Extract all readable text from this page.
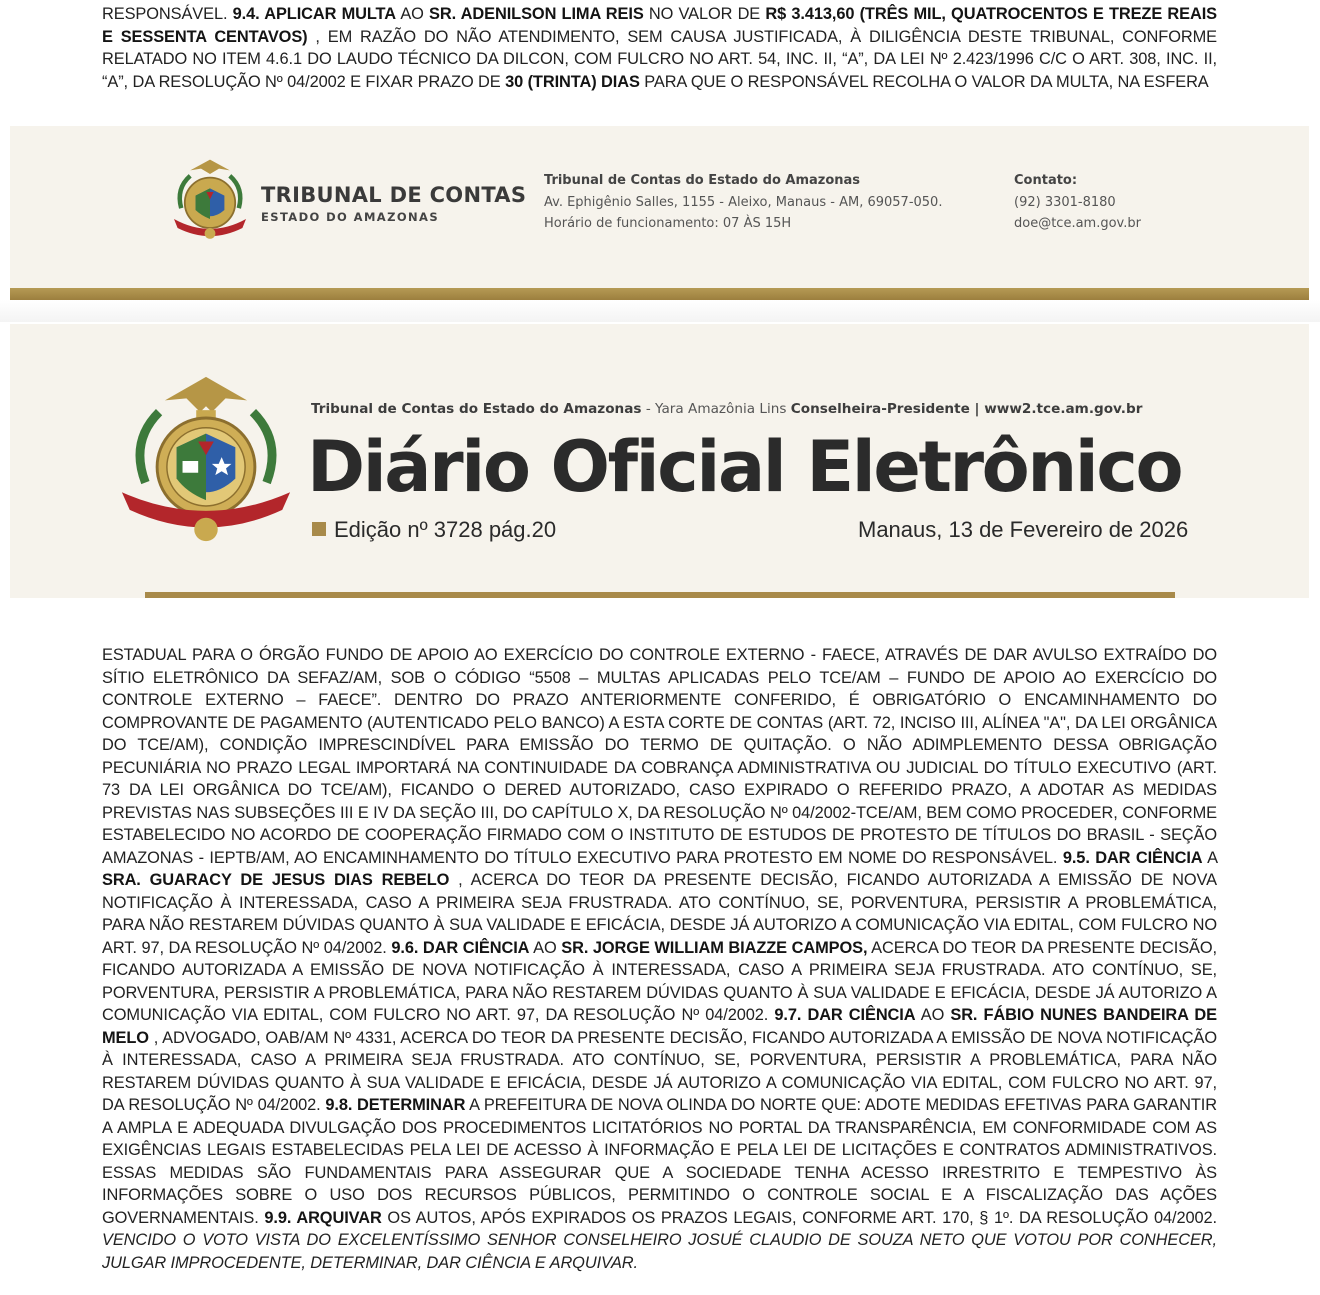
RESPONSÁVEL. 9.4. APLICAR MULTA AO SR. ADENILSON LIMA REIS NO VALOR DE R$ 3.413,60 (TRÊS MIL, QUATROCENTOS E TREZE REAIS E SESSENTA CENTAVOS) , EM RAZÃO DO NÃO ATENDIMENTO, SEM CAUSA JUSTIFICADA, À DILIGÊNCIA DESTE TRIBUNAL, CONFORME RELATADO NO ITEM 4.6.1 DO LAUDO TÉCNICO DA DILCON, COM FULCRO NO ART. 54, INC. II, “A”, DA LEI Nº 2.423/1996 C/C O ART. 308, INC. II, “A”, DA RESOLUÇÃO Nº 04/2002 E FIXAR PRAZO DE 30 (TRINTA) DIAS PARA QUE O RESPONSÁVEL RECOLHA O VALOR DA MULTA, NA ESFERA
TRIBUNAL DE CONTAS
ESTADO DO AMAZONAS
Tribunal de Contas do Estado do Amazonas
Av. Ephigênio Salles, 1155 - Aleixo, Manaus - AM, 69057-050.
Horário de funcionamento: 07 ÀS 15H
Contato:
(92) 3301-8180
doe@tce.am.gov.br
Tribunal de Contas do Estado do Amazonas - Yara Amazônia Lins Conselheira-Presidente | www2.tce.am.gov.br
Diário Oficial Eletrônico
Edição nº 3728 pág.20	Manaus, 13 de Fevereiro de 2026
ESTADUAL PARA O ÓRGÃO FUNDO DE APOIO AO EXERCÍCIO DO CONTROLE EXTERNO - FAECE, ATRAVÉS DE DAR AVULSO EXTRAÍDO DO SÍTIO ELETRÔNICO DA SEFAZ/AM, SOB O CÓDIGO “5508 – MULTAS APLICADAS PELO TCE/AM – FUNDO DE APOIO AO EXERCÍCIO DO CONTROLE EXTERNO – FAECE”. DENTRO DO PRAZO ANTERIORMENTE CONFERIDO, É OBRIGATÓRIO O ENCAMINHAMENTO DO COMPROVANTE DE PAGAMENTO (AUTENTICADO PELO BANCO) A ESTA CORTE DE CONTAS (ART. 72, INCISO III, ALÍNEA "A", DA LEI ORGÂNICA DO TCE/AM), CONDIÇÃO IMPRESCINDÍVEL PARA EMISSÃO DO TERMO DE QUITAÇÃO. O NÃO ADIMPLEMENTO DESSA OBRIGAÇÃO PECUNIÁRIA NO PRAZO LEGAL IMPORTARÁ NA CONTINUIDADE DA COBRANÇA ADMINISTRATIVA OU JUDICIAL DO TÍTULO EXECUTIVO (ART. 73 DA LEI ORGÂNICA DO TCE/AM), FICANDO O DERED AUTORIZADO, CASO EXPIRADO O REFERIDO PRAZO, A ADOTAR AS MEDIDAS PREVISTAS NAS SUBSEÇÕES III E IV DA SEÇÃO III, DO CAPÍTULO X, DA RESOLUÇÃO Nº 04/2002-TCE/AM, BEM COMO PROCEDER, CONFORME ESTABELECIDO NO ACORDO DE COOPERAÇÃO FIRMADO COM O INSTITUTO DE ESTUDOS DE PROTESTO DE TÍTULOS DO BRASIL - SEÇÃO AMAZONAS - IEPTB/AM, AO ENCAMINHAMENTO DO TÍTULO EXECUTIVO PARA PROTESTO EM NOME DO RESPONSÁVEL. 9.5. DAR CIÊNCIA A SRA. GUARACY DE JESUS DIAS REBELO , ACERCA DO TEOR DA PRESENTE DECISÃO, FICANDO AUTORIZADA A EMISSÃO DE NOVA NOTIFICAÇÃO À INTERESSADA, CASO A PRIMEIRA SEJA FRUSTRADA. ATO CONTÍNUO, SE, PORVENTURA, PERSISTIR A PROBLEMÁTICA, PARA NÃO RESTAREM DÚVIDAS QUANTO À SUA VALIDADE E EFICÁCIA, DESDE JÁ AUTORIZO A COMUNICAÇÃO VIA EDITAL, COM FULCRO NO ART. 97, DA RESOLUÇÃO Nº 04/2002. 9.6. DAR CIÊNCIA AO SR. JORGE WILLIAM BIAZZE CAMPOS, ACERCA DO TEOR DA PRESENTE DECISÃO, FICANDO AUTORIZADA A EMISSÃO DE NOVA NOTIFICAÇÃO À INTERESSADA, CASO A PRIMEIRA SEJA FRUSTRADA. ATO CONTÍNUO, SE, PORVENTURA, PERSISTIR A PROBLEMÁTICA, PARA NÃO RESTAREM DÚVIDAS QUANTO À SUA VALIDADE E EFICÁCIA, DESDE JÁ AUTORIZO A COMUNICAÇÃO VIA EDITAL, COM FULCRO NO ART. 97, DA RESOLUÇÃO Nº 04/2002. 9.7. DAR CIÊNCIA AO SR. FÁBIO NUNES BANDEIRA DE MELO , ADVOGADO, OAB/AM Nº 4331, ACERCA DO TEOR DA PRESENTE DECISÃO, FICANDO AUTORIZADA A EMISSÃO DE NOVA NOTIFICAÇÃO À INTERESSADA, CASO A PRIMEIRA SEJA FRUSTRADA. ATO CONTÍNUO, SE, PORVENTURA, PERSISTIR A PROBLEMÁTICA, PARA NÃO RESTAREM DÚVIDAS QUANTO À SUA VALIDADE E EFICÁCIA, DESDE JÁ AUTORIZO A COMUNICAÇÃO VIA EDITAL, COM FULCRO NO ART. 97, DA RESOLUÇÃO Nº 04/2002. 9.8. DETERMINAR A PREFEITURA DE NOVA OLINDA DO NORTE QUE: ADOTE MEDIDAS EFETIVAS PARA GARANTIR A AMPLA E ADEQUADA DIVULGAÇÃO DOS PROCEDIMENTOS LICITATÓRIOS NO PORTAL DA TRANSPARÊNCIA, EM CONFORMIDADE COM AS EXIGÊNCIAS LEGAIS ESTABELECIDAS PELA LEI DE ACESSO À INFORMAÇÃO E PELA LEI DE LICITAÇÕES E CONTRATOS ADMINISTRATIVOS. ESSAS MEDIDAS SÃO FUNDAMENTAIS PARA ASSEGURAR QUE A SOCIEDADE TENHA ACESSO IRRESTRITO E TEMPESTIVO ÀS INFORMAÇÕES SOBRE O USO DOS RECURSOS PÚBLICOS, PERMITINDO O CONTROLE SOCIAL E A FISCALIZAÇÃO DAS AÇÕES GOVERNAMENTAIS. 9.9. ARQUIVAR OS AUTOS, APÓS EXPIRADOS OS PRAZOS LEGAIS, CONFORME ART. 170, § 1º. DA RESOLUÇÃO 04/2002. VENCIDO O VOTO VISTA DO EXCELENTÍSSIMO SENHOR CONSELHEIRO JOSUÉ CLAUDIO DE SOUZA NETO QUE VOTOU POR CONHECER, JULGAR IMPROCEDENTE, DETERMINAR, DAR CIÊNCIA E ARQUIVAR.
